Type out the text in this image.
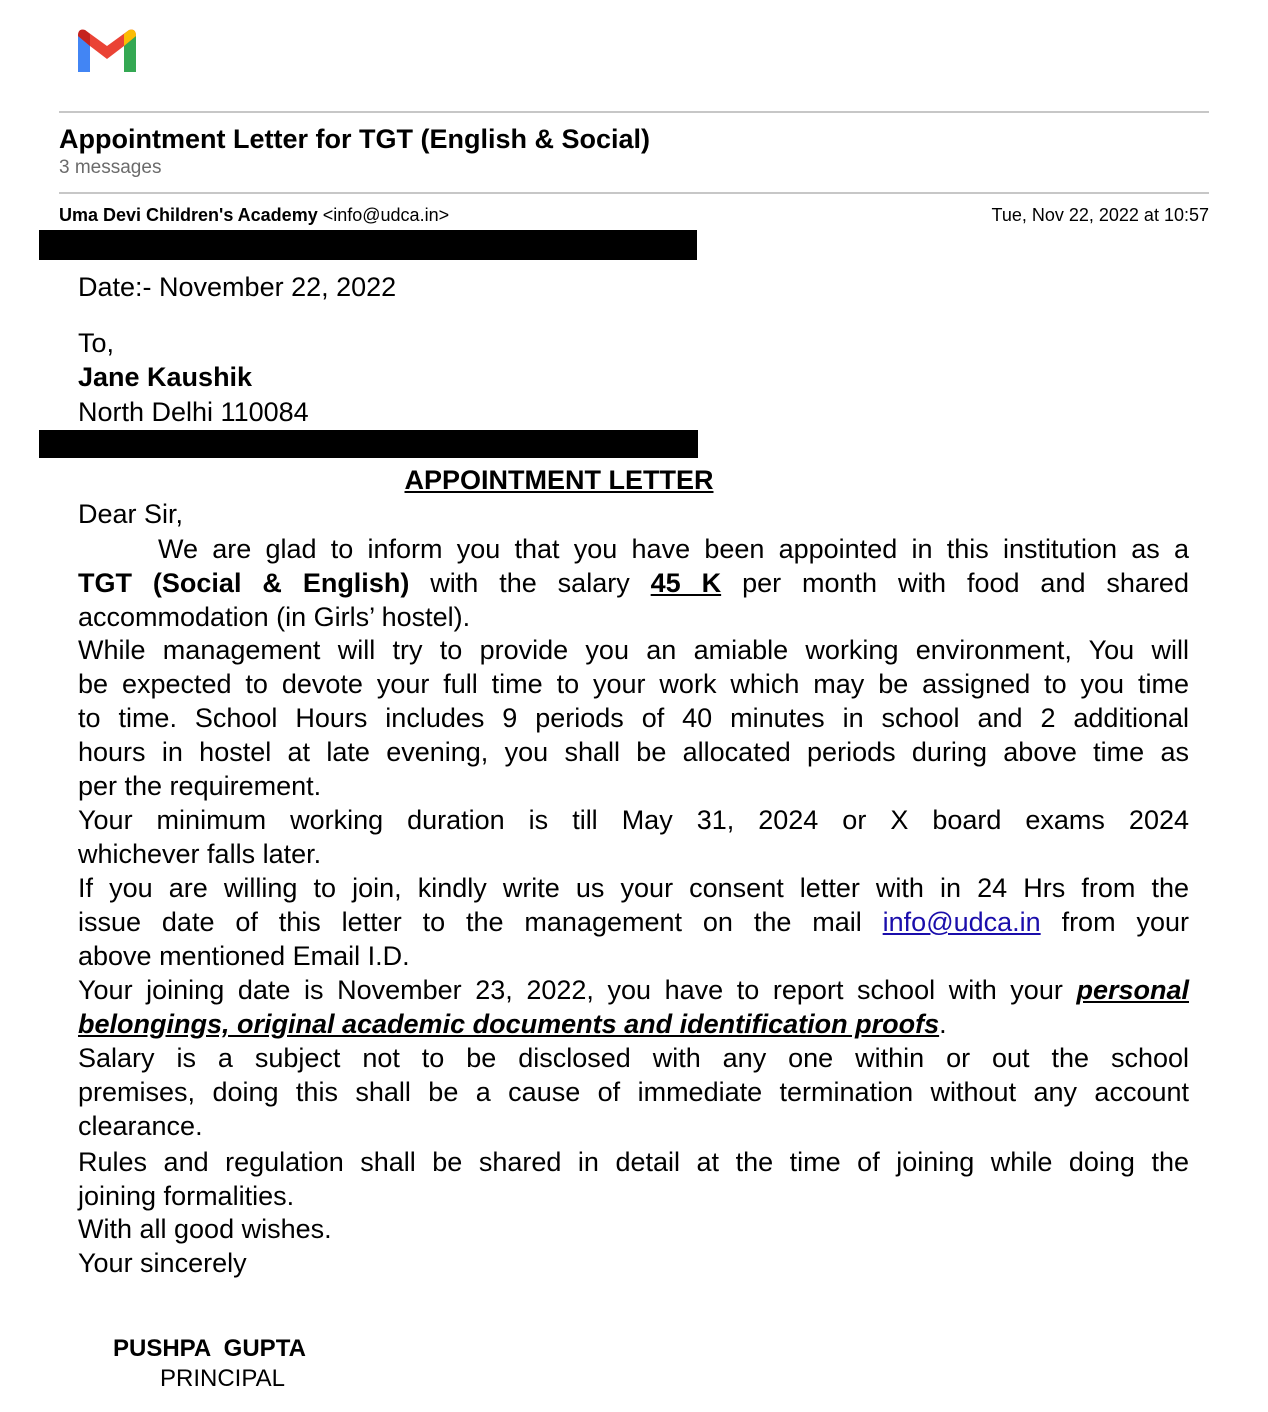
Appointment Letter for TGT (English & Social)
3 messages
Uma Devi Children's Academy <info@udca.in>	Tue, Nov 22, 2022 at 10:57
Date:- November 22, 2022
To,
Jane Kaushik
North Delhi 110084
APPOINTMENT LETTER
Dear Sir,
We are glad to inform you that you have been appointed in this institution as a
TGT (Social & English) with the salary 45 K per month with food and shared
accommodation (in Girls’ hostel).
While management will try to provide you an amiable working environment, You will
be expected to devote your full time to your work which may be assigned to you time
to time. School Hours includes 9 periods of 40 minutes in school and 2 additional
hours in hostel at late evening, you shall be allocated periods during above time as
per the requirement.
Your minimum working duration is till May 31, 2024 or X board exams 2024
whichever falls later.
If you are willing to join, kindly write us your consent letter with in 24 Hrs from the
issue date of this letter to the management on the mail info@udca.in from your
above mentioned Email I.D.
Your joining date is November 23, 2022, you have to report school with your personal
belongings, original academic documents and identification proofs.
Salary is a subject not to be disclosed with any one within or out the school
premises, doing this shall be a cause of immediate termination without any account
clearance.
Rules and regulation shall be shared in detail at the time of joining while doing the
joining formalities.
With all good wishes.
Your sincerely
PUSHPA  GUPTA
PRINCIPAL
